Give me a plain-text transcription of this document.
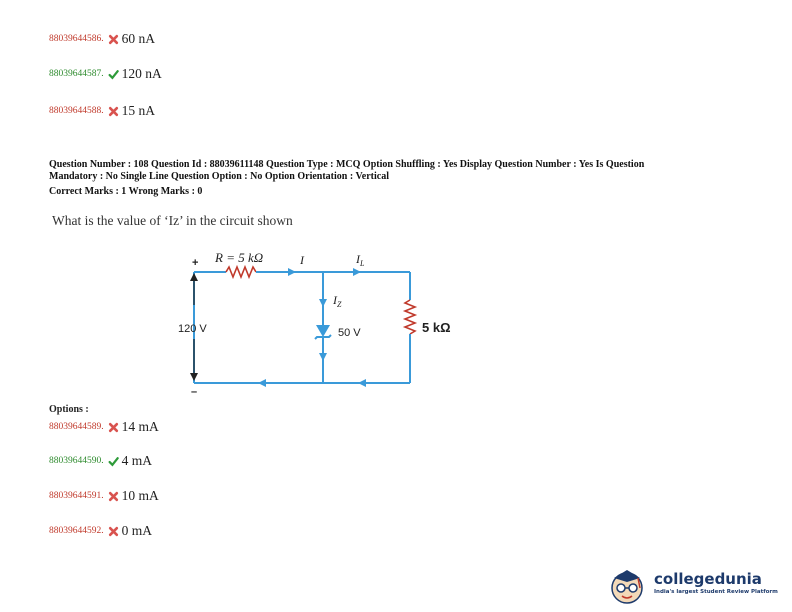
88039644586. 60 nA
88039644587. 120 nA
88039644588. 15 nA
Question Number : 108 Question Id : 88039611148 Question Type : MCQ Option Shuffling : Yes Display Question Number : Yes Is Question
Mandatory : No Single Line Question Option : No Option Orientation : Vertical
Correct Marks : 1 Wrong Marks : 0
What is the value of ‘Iz’ in the circuit shown
+
–
R = 5 kΩ	I	$I_L$
$I_Z$
120 V	50 V	5 kΩ
Options :
88039644589. 14 mA
88039644590. 4 mA
88039644591. 10 mA
88039644592. 0 mA
collegedunia
India's largest Student Review Platform
